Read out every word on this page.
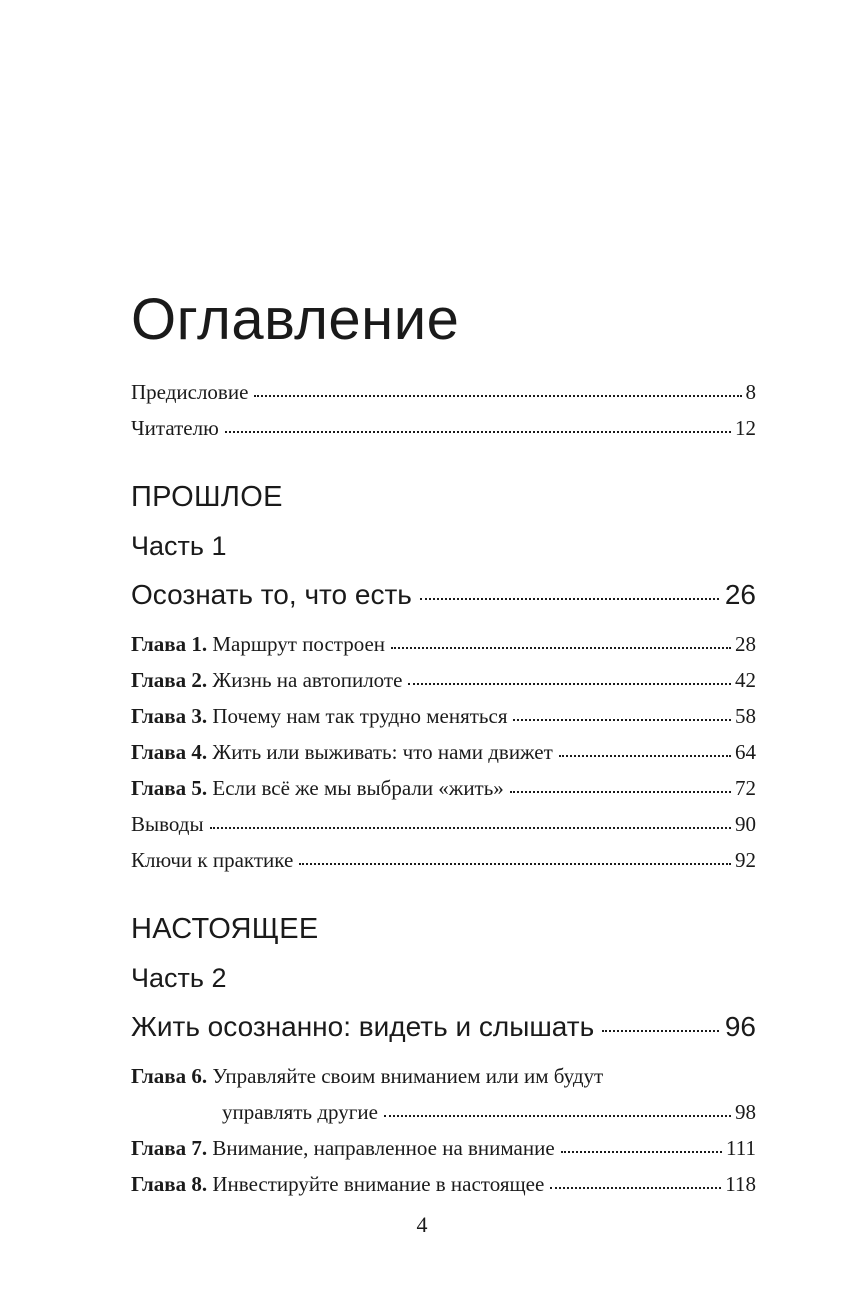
Оглавление
Предисловие	8
Читателю	12
ПРОШЛОЕ
Часть 1
Осознать то, что есть	26
Глава 1. Маршрут построен	28
Глава 2. Жизнь на автопилоте	42
Глава 3. Почему нам так трудно меняться	58
Глава 4. Жить или выживать: что нами движет	64
Глава 5. Если всё же мы выбрали «жить»	72
Выводы	90
Ключи к практике	92
НАСТОЯЩЕЕ
Часть 2
Жить осознанно: видеть и слышать	96
Глава 6. Управляйте своим вниманием или им будут
управлять другие	98
Глава 7. Внимание, направленное на внимание	111
Глава 8. Инвестируйте внимание в настоящее	118
4
